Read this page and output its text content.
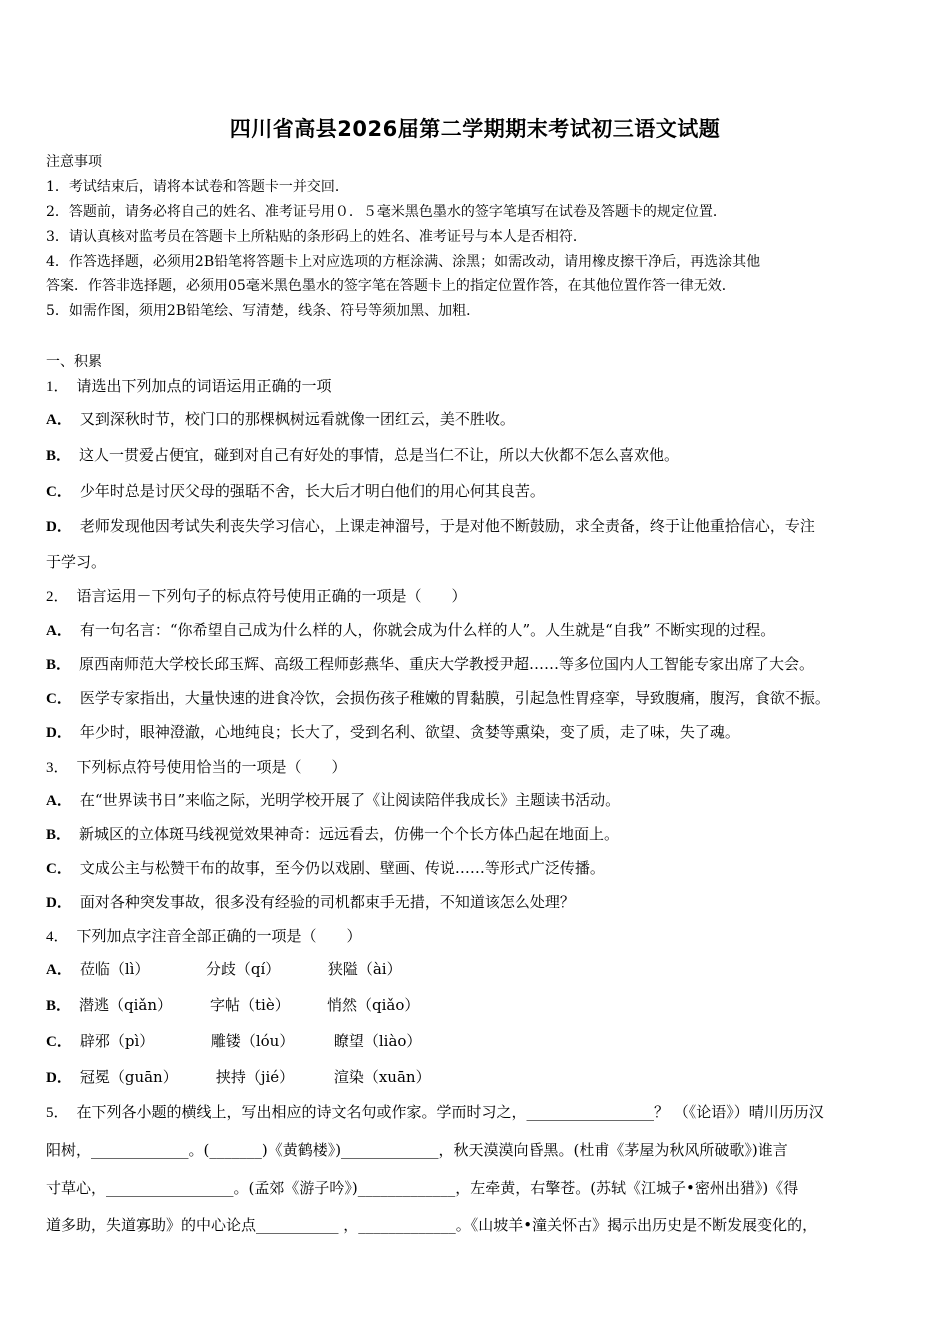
四川省高县2026届第二学期期末考试初三语文试题
注意事项
1．考试结束后，请将本试卷和答题卡一并交回．
2．答题前，请务必将自己的姓名、准考证号用０．５毫米黑色墨水的签字笔填写在试卷及答题卡的规定位置．
3．请认真核对监考员在答题卡上所粘贴的条形码上的姓名、准考证号与本人是否相符．
4．作答选择题，必须用2B铅笔将答题卡上对应选项的方框涂满、涂黑；如需改动，请用橡皮擦干净后，再选涂其他
答案．作答非选择题，必须用05毫米黑色墨水的签字笔在答题卡上的指定位置作答，在其他位置作答一律无效．
5．如需作图，须用2B铅笔绘、写清楚，线条、符号等须加黑、加粗．
一、积累
1． 请选出下列加点的词语运用正确的一项
A． 又到深秋时节，校门口的那棵枫树远看就像一团红云，美不胜收。
B． 这人一贯爱占便宜，碰到对自己有好处的事情，总是当仁不让，所以大伙都不怎么喜欢他。
C． 少年时总是讨厌父母的强聒不舍，长大后才明白他们的用心何其良苦。
D． 老师发现他因考试失利丧失学习信心，上课走神溜号，于是对他不断鼓励，求全责备，终于让他重拾信心，专注
于学习。
2． 语言运用－下列句子的标点符号使用正确的一项是（　　）
A． 有一句名言：“你希望自己成为什么样的人，你就会成为什么样的人”。人生就是“自我” 不断实现的过程。
B． 原西南师范大学校长邱玉辉、高级工程师彭燕华、重庆大学教授尹超……等多位国内人工智能专家出席了大会。
C． 医学专家指出，大量快速的进食冷饮，会损伤孩子稚嫩的胃黏膜，引起急性胃痉挛，导致腹痛，腹泻，食欲不振。
D． 年少时，眼神澄澈，心地纯良；长大了，受到名利、欲望、贪婪等熏染，变了质，走了味，失了魂。
3． 下列标点符号使用恰当的一项是（　　）
A． 在“世界读书日”来临之际，光明学校开展了《让阅读陪伴我成长》主题读书活动。
B． 新城区的立体斑马线视觉效果神奇：远远看去，仿佛一个个长方体凸起在地面上。
C． 文成公主与松赞干布的故事，至今仍以戏剧、壁画、传说……等形式广泛传播。
D． 面对各种突发事故，很多没有经验的司机都束手无措，不知道该怎么处理？
4． 下列加点字注音全部正确的一项是（　　）
A． 莅临（lì）	分歧（qí）	狭隘（ài）
B． 潜逃（qiǎn）	字帖（tiè） 悄然（qiǎo）
C． 辟邪（pì）	雕镂（lóu）	瞭望（liào）
D． 冠冕（guān）	挟持（jié）	渲染（xuān）
5． 在下列各小题的横线上，写出相应的诗文名句或作家。学而时习之，_________________？ （《论语》）晴川历历汉
阳树，_____________。(_______)《黄鹤楼》)_____________，秋天漠漠向昏黑。(杜甫《茅屋为秋风所破歌》)谁言
寸草心，_________________。(孟郊《游子吟》)_____________，左牵黄，右擎苍。(苏轼《江城子•密州出猎》)《得
道多助，失道寡助》的中心论点___________ ，_____________。《山坡羊•潼关怀古》揭示出历史是不断发展变化的，
